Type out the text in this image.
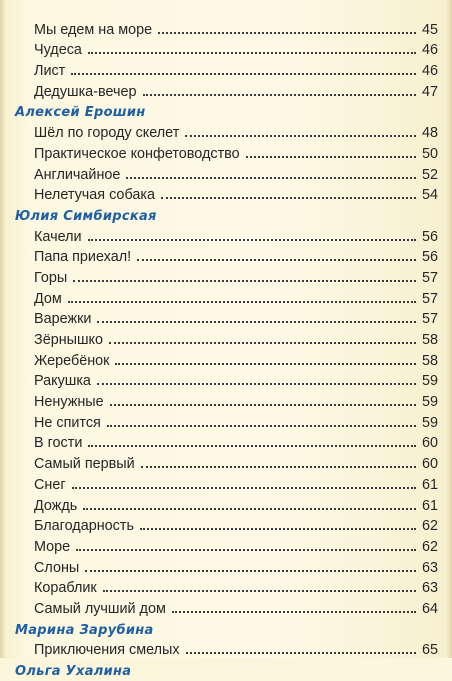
Мы едем на море	45
Чудеса	46
Лист	46
Дедушка-вечер	47
Алексей Ерошин
Шёл по городу скелет	48
Практическое конфетоводство	50
Англичайное	52
Нелетучая собака	54
Юлия Симбирская
Качели	56
Папа приехал!	56
Горы	57
Дом	57
Варежки	57
Зёрнышко	58
Жеребёнок	58
Ракушка	59
Ненужные	59
Не спится	59
В гости	60
Самый первый	60
Снег	61
Дождь	61
Благодарность	62
Море	62
Слоны	63
Кораблик	63
Самый лучший дом	64
Марина Зарубина
Приключения смелых	65
Ольга Ухалина
